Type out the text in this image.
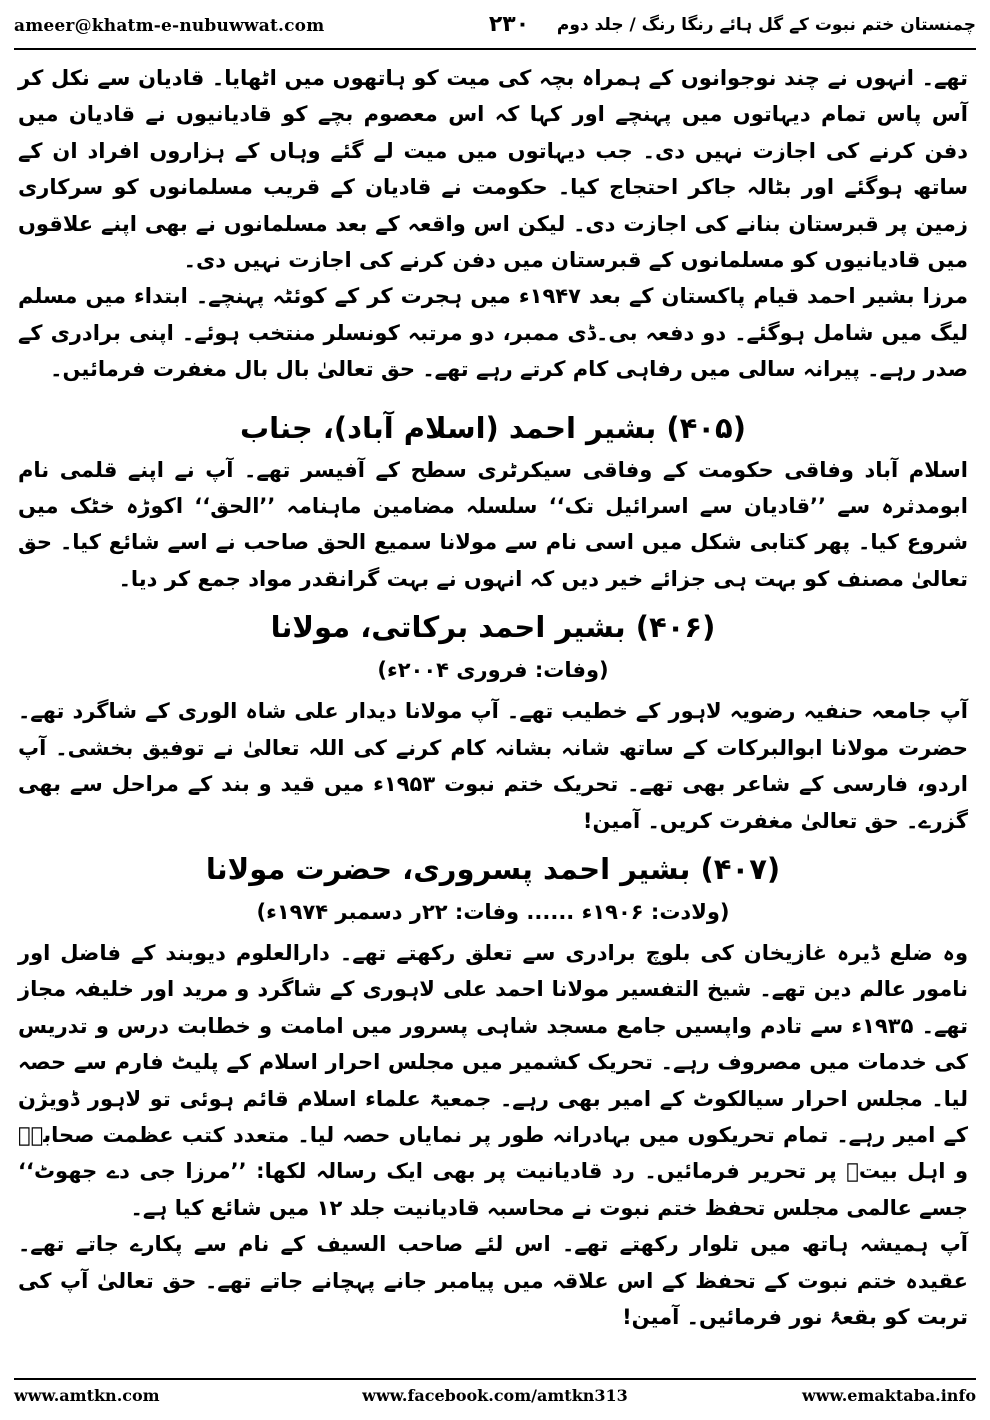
ameer@khatm-e-nubuwwat.com	۲۳۰	چمنستان ختم نبوت کے گل ہائے رنگا رنگ / جلد دوم

تھے۔ انہوں نے چند نوجوانوں کے ہمراہ بچہ کی میت کو ہاتھوں میں اٹھایا۔ قادیان سے نکل کر آس پاس تمام دیہاتوں میں پہنچے اور کہا کہ اس معصوم بچے کو قادیانیوں نے قادیان میں دفن کرنے کی اجازت نہیں دی۔ جب دیہاتوں میں میت لے گئے وہاں کے ہزاروں افراد ان کے ساتھ ہوگئے اور بٹالہ جاکر احتجاج کیا۔ حکومت نے قادیان کے قریب مسلمانوں کو سرکاری زمین پر قبرستان بنانے کی اجازت دی۔ لیکن اس واقعہ کے بعد مسلمانوں نے بھی اپنے علاقوں میں قادیانیوں کو مسلمانوں کے قبرستان میں دفن کرنے کی اجازت نہیں دی۔

مرزا بشیر احمد قیام پاکستان کے بعد ۱۹۴۷ء میں ہجرت کر کے کوئٹہ پہنچے۔ ابتداء میں مسلم لیگ میں شامل ہوگئے۔ دو دفعہ بی۔ڈی ممبر، دو مرتبہ کونسلر منتخب ہوئے۔ اپنی برادری کے صدر رہے۔ پیرانہ سالی میں رفاہی کام کرتے رہے تھے۔ حق تعالیٰ بال بال مغفرت فرمائیں۔

(۴۰۵) بشیر احمد (اسلام آباد)، جناب

اسلام آباد وفاقی حکومت کے وفاقی سیکرٹری سطح کے آفیسر تھے۔ آپ نے اپنے قلمی نام ابومدثرہ سے ’’قادیان سے اسرائیل تک‘‘ سلسلہ مضامین ماہنامہ ’’الحق‘‘ اکوڑہ خٹک میں شروع کیا۔ پھر کتابی شکل میں اسی نام سے مولانا سمیع الحق صاحب نے اسے شائع کیا۔ حق تعالیٰ مصنف کو بہت ہی جزائے خیر دیں کہ انہوں نے بہت گرانقدر مواد جمع کر دیا۔

(۴۰۶) بشیر احمد برکاتی، مولانا
(وفات: فروری ۲۰۰۴ء)

آپ جامعہ حنفیہ رضویہ لاہور کے خطیب تھے۔ آپ مولانا دیدار علی شاہ الوری کے شاگرد تھے۔ حضرت مولانا ابوالبرکات کے ساتھ شانہ بشانہ کام کرنے کی اللہ تعالیٰ نے توفیق بخشی۔ آپ اردو، فارسی کے شاعر بھی تھے۔ تحریک ختم نبوت ۱۹۵۳ء میں قید و بند کے مراحل سے بھی گزرے۔ حق تعالیٰ مغفرت کریں۔ آمین!

(۴۰۷) بشیر احمد پسروری، حضرت مولانا
(ولادت: ۱۹۰۶ء ...... وفات: ۲۲ر دسمبر ۱۹۷۴ء)

وہ ضلع ڈیرہ غازیخان کی بلوچ برادری سے تعلق رکھتے تھے۔ دارالعلوم دیوبند کے فاضل اور نامور عالم دین تھے۔ شیخ التفسیر مولانا احمد علی لاہوری کے شاگرد و مرید اور خلیفہ مجاز تھے۔ ۱۹۳۵ء سے تادم واپسیں جامع مسجد شاہی پسرور میں امامت و خطابت درس و تدریس کی خدمات میں مصروف رہے۔ تحریک کشمیر میں مجلس احرار اسلام کے پلیٹ فارم سے حصہ لیا۔ مجلس احرار سیالکوٹ کے امیر بھی رہے۔ جمعیۃ علماء اسلام قائم ہوئی تو لاہور ڈویژن کے امیر رہے۔ تمام تحریکوں میں بہادرانہ طور پر نمایاں حصہ لیا۔ متعدد کتب عظمت صحابہؓ و اہل بیتؓ پر تحریر فرمائیں۔ رد قادیانیت پر بھی ایک رسالہ لکھا: ’’مرزا جی دے جھوٹ‘‘ جسے عالمی مجلس تحفظ ختم نبوت نے محاسبہ قادیانیت جلد ۱۲ میں شائع کیا ہے۔

آپ ہمیشہ ہاتھ میں تلوار رکھتے تھے۔ اس لئے صاحب السیف کے نام سے پکارے جاتے تھے۔ عقیدہ ختم نبوت کے تحفظ کے اس علاقہ میں پیامبر جانے پہچانے جاتے تھے۔ حق تعالیٰ آپ کی تربت کو بقعۂ نور فرمائیں۔ آمین!

www.amtkn.com	www.facebook.com/amtkn313	www.emaktaba.info
